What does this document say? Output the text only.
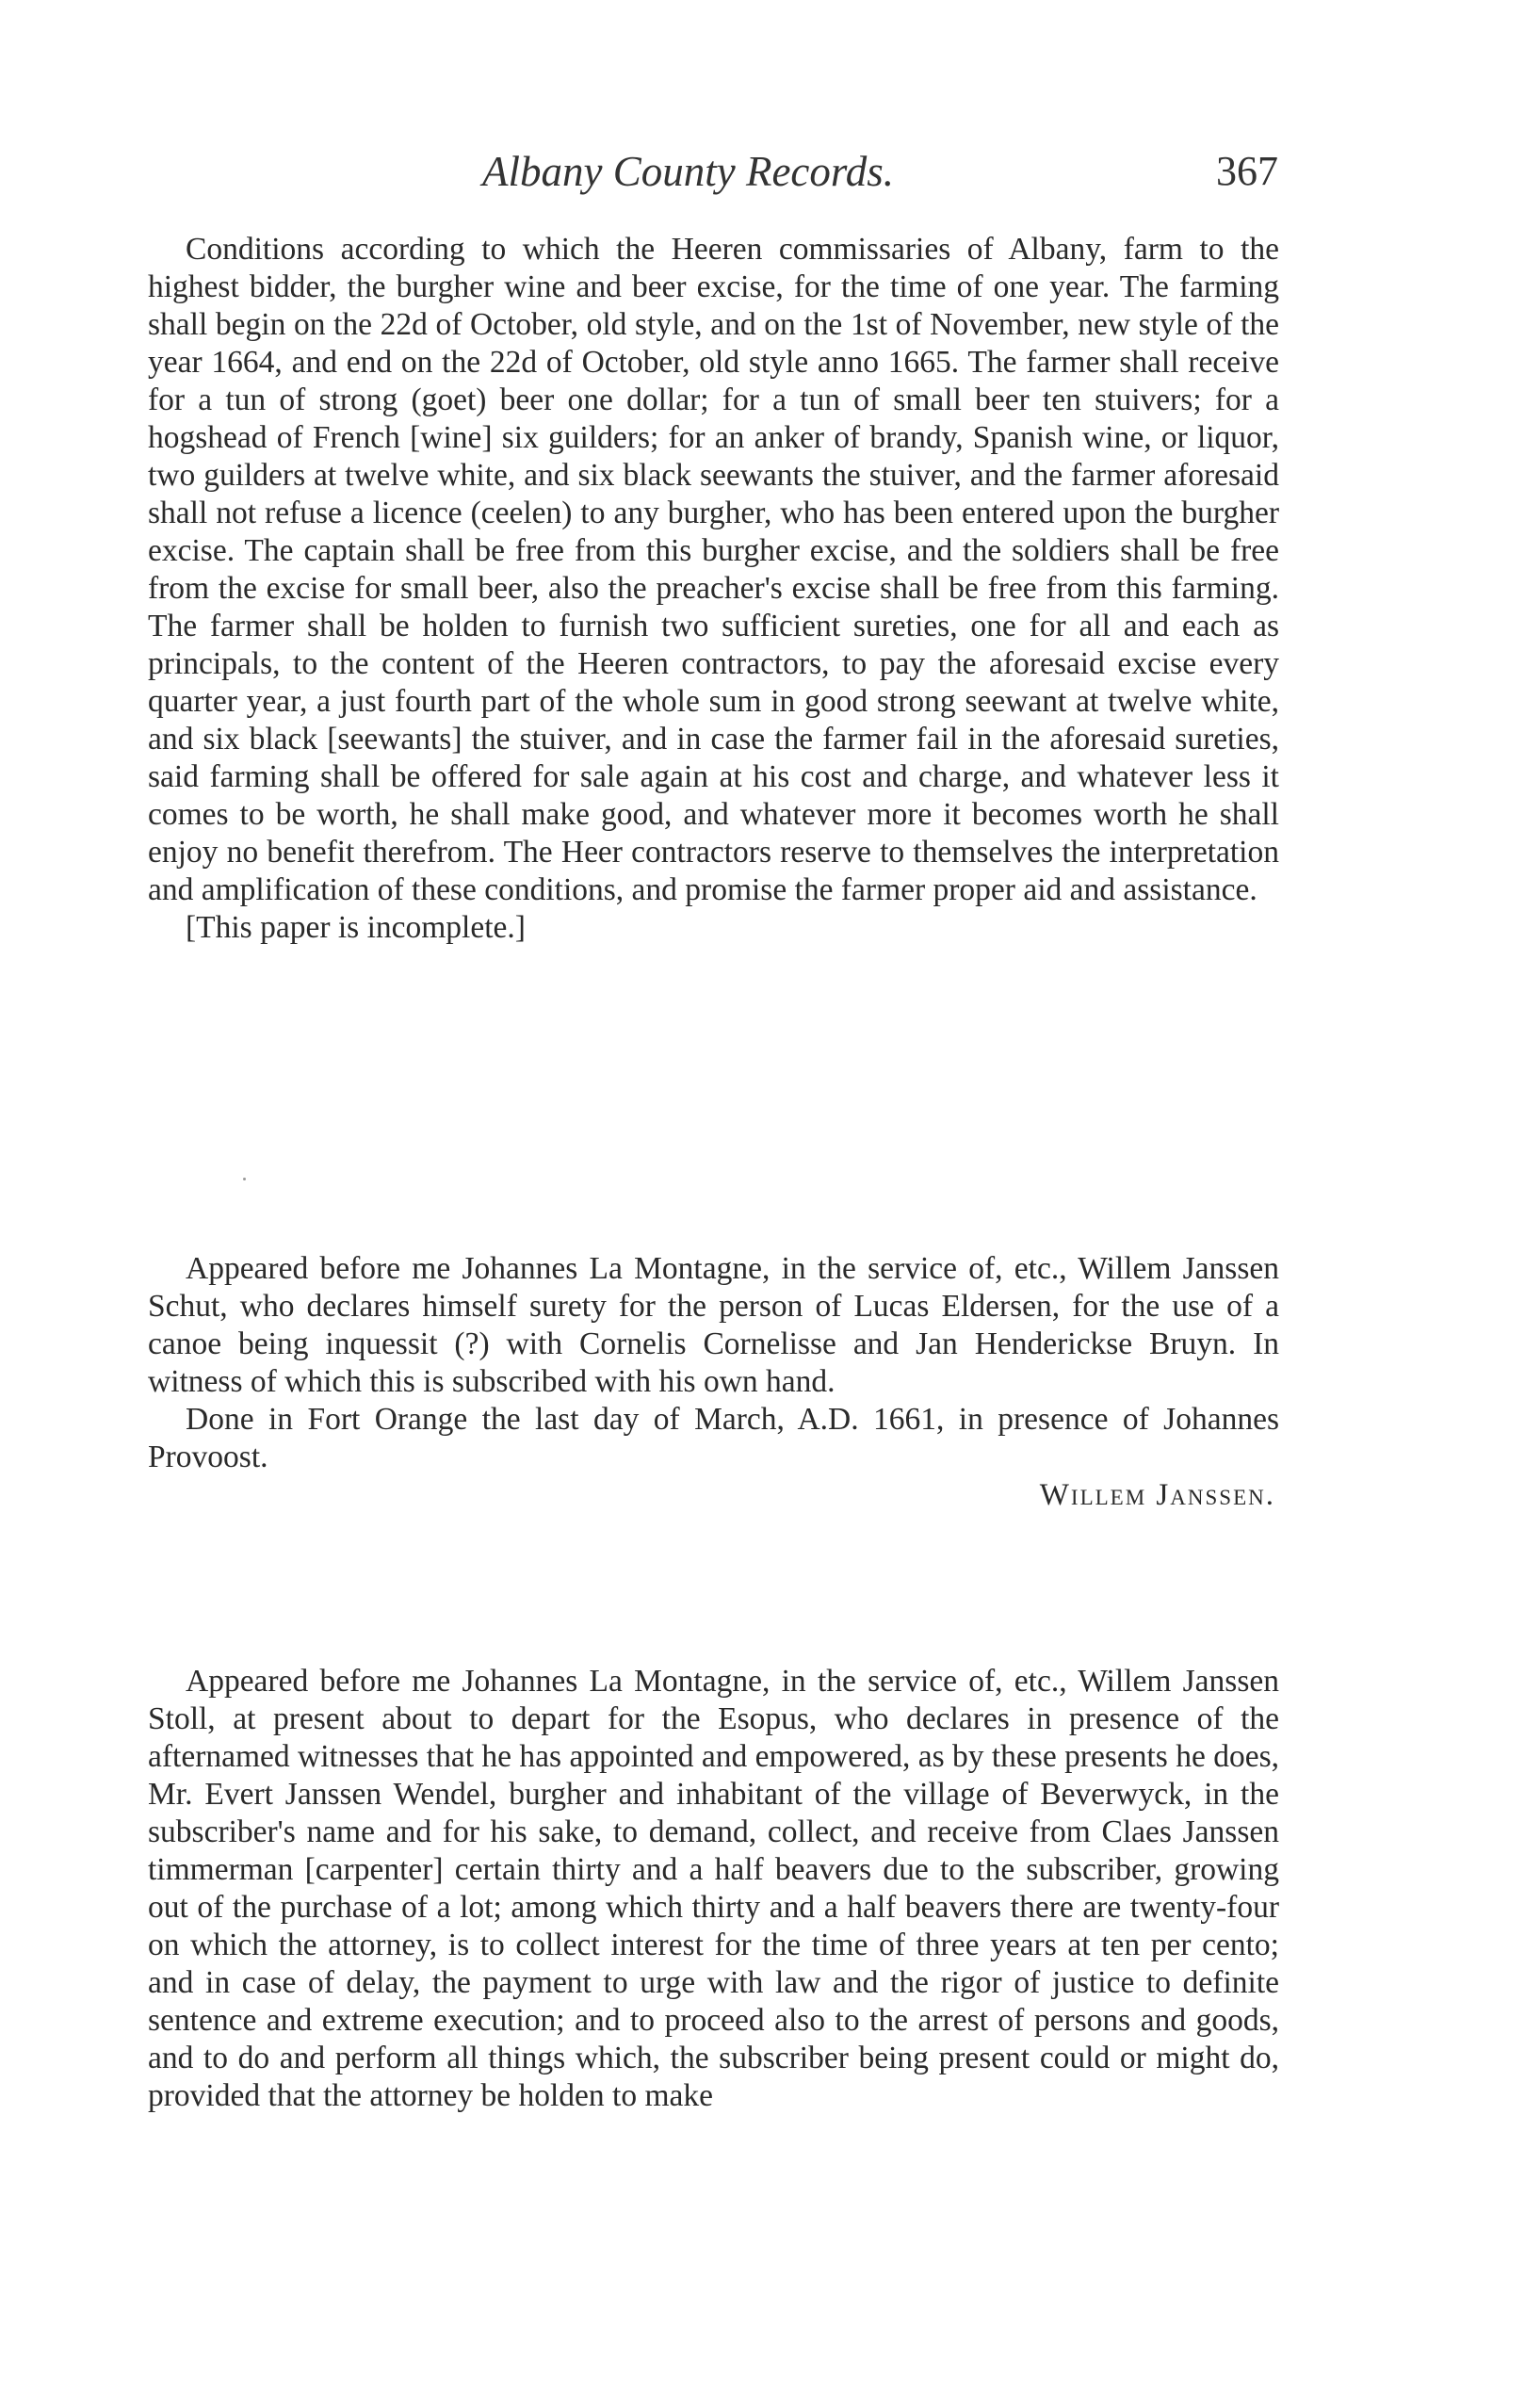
Albany County Records.	367

Conditions according to which the Heeren commissaries of Albany, farm to the highest bidder, the burgher wine and beer excise, for the time of one year. The farming shall begin on the 22d of October, old style, and on the 1st of November, new style of the year 1664, and end on the 22d of October, old style anno 1665. The farmer shall receive for a tun of strong (goet) beer one dollar; for a tun of small beer ten stuivers; for a hogshead of French [wine] six guilders; for an anker of brandy, Spanish wine, or liquor, two guilders at twelve white, and six black seewants the stuiver, and the farmer aforesaid shall not refuse a licence (ceelen) to any burgher, who has been entered upon the burgher excise. The captain shall be free from this burgher excise, and the soldiers shall be free from the excise for small beer, also the preacher's excise shall be free from this farming. The farmer shall be holden to furnish two sufficient sureties, one for all and each as principals, to the content of the Heeren contractors, to pay the aforesaid excise every quarter year, a just fourth part of the whole sum in good strong seewant at twelve white, and six black [seewants] the stuiver, and in case the farmer fail in the aforesaid sureties, said farming shall be offered for sale again at his cost and charge, and whatever less it comes to be worth, he shall make good, and whatever more it becomes worth he shall enjoy no benefit therefrom. The Heer contractors reserve to themselves the interpretation and amplification of these conditions, and promise the farmer proper aid and assistance.

[This paper is incomplete.]

Appeared before me Johannes La Montagne, in the service of, etc., Willem Janssen Schut, who declares himself surety for the person of Lucas Eldersen, for the use of a canoe being inquessit (?) with Cornelis Cornelisse and Jan Henderickse Bruyn. In witness of which this is subscribed with his own hand.

Done in Fort Orange the last day of March, A.D. 1661, in presence of Johannes Provoost.

Willem Janssen.

Appeared before me Johannes La Montagne, in the service of, etc., Willem Janssen Stoll, at present about to depart for the Esopus, who declares in presence of the afternamed witnesses that he has appointed and empowered, as by these presents he does, Mr. Evert Janssen Wendel, burgher and inhabitant of the village of Beverwyck, in the subscriber's name and for his sake, to demand, collect, and receive from Claes Janssen timmerman [carpenter] certain thirty and a half beavers due to the subscriber, growing out of the purchase of a lot; among which thirty and a half beavers there are twenty-four on which the attorney, is to collect interest for the time of three years at ten per cento; and in case of delay, the payment to urge with law and the rigor of justice to definite sentence and extreme execution; and to proceed also to the arrest of persons and goods, and to do and perform all things which, the subscriber being present could or might do, provided that the attorney be holden to make
